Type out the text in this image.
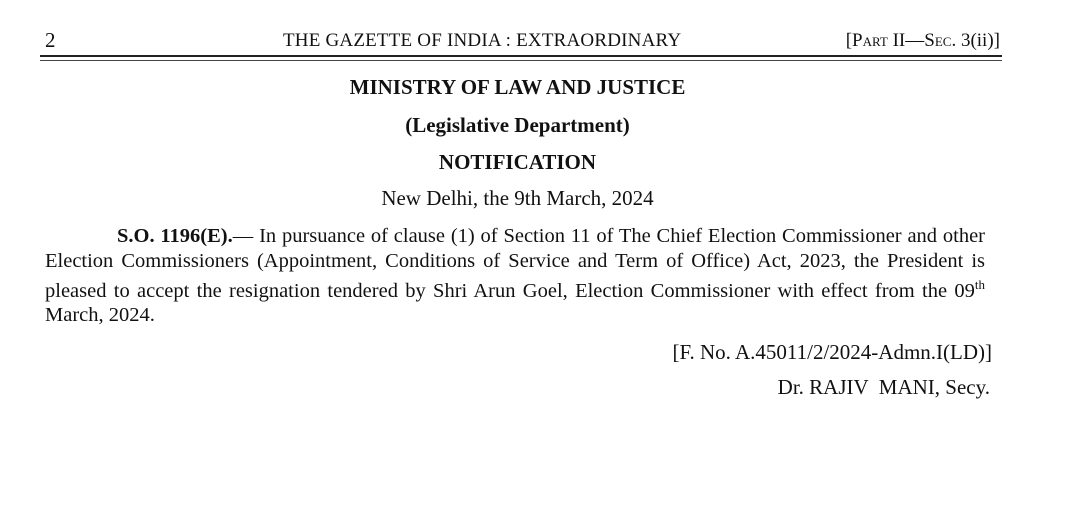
2	THE GAZETTE OF INDIA : EXTRAORDINARY	[Part II—Sec. 3(ii)]
MINISTRY OF LAW AND JUSTICE
(Legislative Department)
NOTIFICATION
New Delhi, the 9th March, 2024
S.O. 1196(E).— In pursuance of clause (1) of Section 11 of The Chief Election Commissioner and other Election Commissioners (Appointment, Conditions of Service and Term of Office) Act, 2023, the President is pleased to accept the resignation tendered by Shri Arun Goel, Election Commissioner with effect from the 09th March, 2024.
[F. No. A.45011/2/2024-Admn.I(LD)]
Dr. RAJIV  MANI, Secy.
